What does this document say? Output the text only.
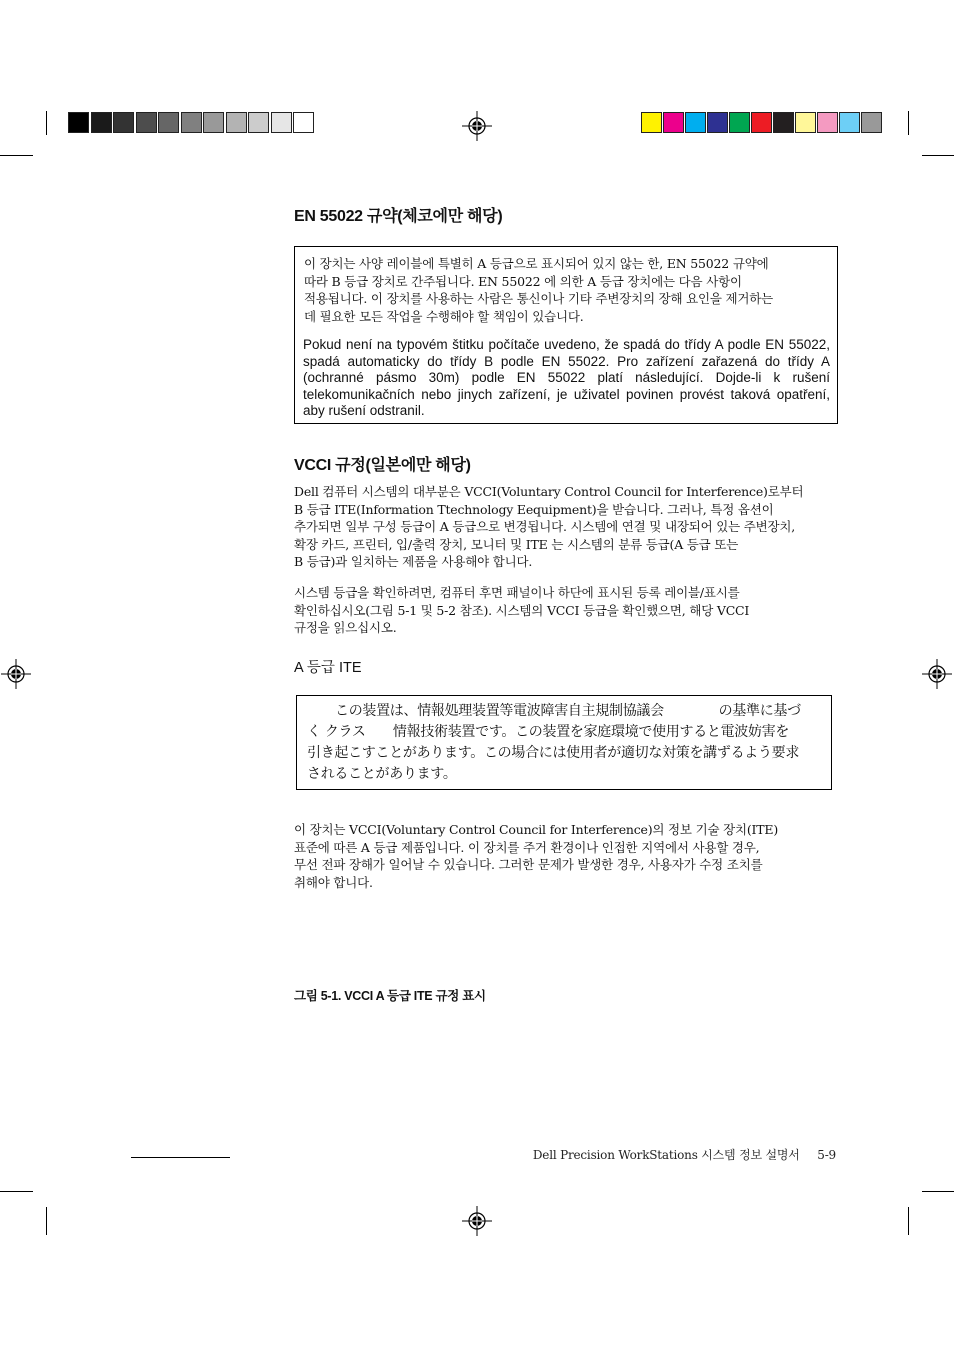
EN 55022 규약(체코에만 해당)
이 장치는 사양 레이블에 특별히 A 등급으로 표시되어 있지 않는 한, EN 55022 규약에
따라 B 등급 장치로 간주됩니다. EN 55022 에 의한 A 등급 장치에는 다음 사항이
적용됩니다. 이 장치를 사용하는 사람은 통신이나 기타 주변장치의 장해 요인을 제거하는
데 필요한 모든 작업을 수행해야 할 책임이 있습니다.
Pokud není na typovém štitku počítače uvedeno, že spadá do třídy A podle EN 55022, spadá automaticky do třídy B podle EN 55022. Pro zařízení zařazená do třídy A (ochranné pásmo 30m) podle EN 55022 platí následující. Dojde-li k rušení telekomunikačních nebo jinych zařízení, je uživatel povinen provést taková opatření, aby rušení odstranil.
VCCI 규정(일본에만 해당)
Dell 컴퓨터 시스템의 대부분은 VCCI(Voluntary Control Council for Interference)로부터
B 등급 ITE(Information Ttechnology Eequipment)을 받습니다. 그러나, 특정 옵션이
추가되면 일부 구성 등급이 A 등급으로 변경됩니다. 시스템에 연결 및 내장되어 있는 주변장치,
확장 카드, 프린터, 입/출력 장치, 모니터 및 ITE 는 시스템의 분류 등급(A 등급 또는
B 등급)과 일치하는 제품을 사용해야 합니다.
시스템 등급을 확인하려면, 컴퓨터 후면 패널이나 하단에 표시된 등록 레이블/표시를
확인하십시오(그림 5-1 및 5-2 참조). 시스템의 VCCI 등급을 확인했으면, 해당 VCCI
규정을 읽으십시오.
A 등급 ITE
この装置は、情報処理装置等電波障害自主規制協議会　　　　の基準に基づ
く クラス　　情報技術装置です。この装置を家庭環境で使用すると電波妨害を
引き起こすことがあります。この場合には使用者が適切な対策を講ずるよう要求
されることがあります。
이 장치는 VCCI(Voluntary Control Council for Interference)의 정보 기술 장치(ITE)
표준에 따른 A 등급 제품입니다. 이 장치를 주거 환경이나 인접한 지역에서 사용할 경우,
무선 전파 장해가 일어날 수 있습니다. 그러한 문제가 발생한 경우, 사용자가 수정 조치를
취해야 합니다.
그림 5-1. VCCI A 등급 ITE 규정 표시
Dell Precision WorkStations 시스템 정보 설명서 5-9
